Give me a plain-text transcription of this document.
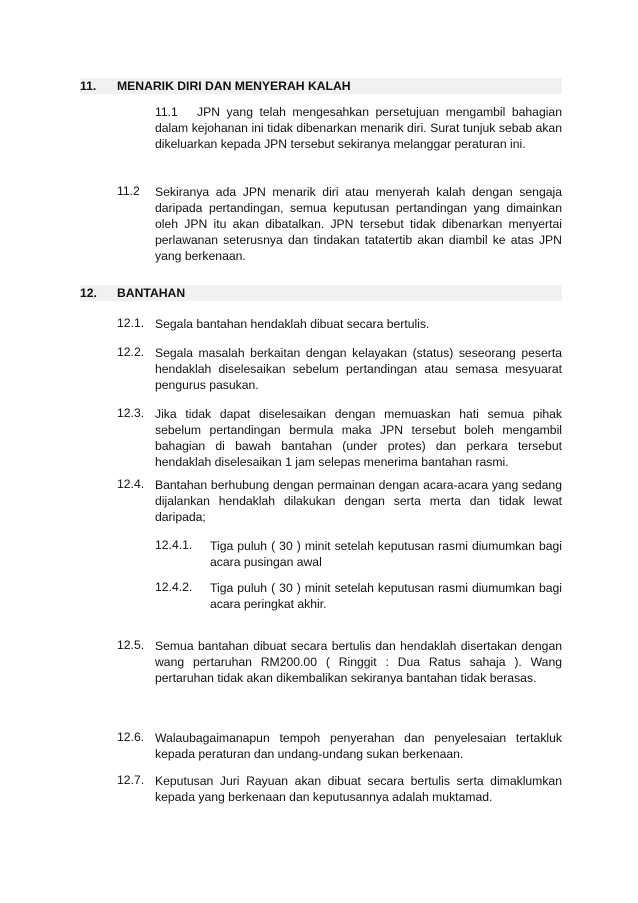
11. MENARIK DIRI DAN MENYERAH KALAH
11.1 JPN yang telah mengesahkan persetujuan mengambil bahagian dalam kejohanan ini tidak dibenarkan menarik diri. Surat tunjuk sebab akan dikeluarkan kepada JPN tersebut sekiranya melanggar peraturan ini.
11.2 Sekiranya ada JPN menarik diri atau menyerah kalah dengan sengaja daripada pertandingan, semua keputusan pertandingan yang dimainkan oleh JPN itu akan dibatalkan. JPN tersebut tidak dibenarkan menyertai perlawanan seterusnya dan tindakan tatatertib akan diambil ke atas JPN yang berkenaan.
12. BANTAHAN
12.1. Segala bantahan hendaklah dibuat secara bertulis.
12.2. Segala masalah berkaitan dengan kelayakan (status) seseorang peserta hendaklah diselesaikan sebelum pertandingan atau semasa mesyuarat pengurus pasukan.
12.3. Jika tidak dapat diselesaikan dengan memuaskan hati semua pihak sebelum pertandingan bermula maka JPN tersebut boleh mengambil bahagian di bawah bantahan (under protes) dan perkara tersebut hendaklah diselesaikan 1 jam selepas menerima bantahan rasmi.
12.4. Bantahan berhubung dengan permainan dengan acara-acara yang sedang dijalankan hendaklah dilakukan dengan serta merta dan tidak lewat daripada;
12.4.1. Tiga puluh ( 30 ) minit setelah keputusan rasmi diumumkan bagi acara pusingan awal
12.4.2. Tiga puluh ( 30 ) minit setelah keputusan rasmi diumumkan bagi acara peringkat akhir.
12.5. Semua bantahan dibuat secara bertulis dan hendaklah disertakan dengan wang pertaruhan RM200.00 ( Ringgit : Dua Ratus sahaja ). Wang pertaruhan tidak akan dikembalikan sekiranya bantahan tidak berasas.
12.6. Walaubagaimanapun tempoh penyerahan dan penyelesaian tertakluk kepada peraturan dan undang-undang sukan berkenaan.
12.7. Keputusan Juri Rayuan akan dibuat secara bertulis serta dimaklumkan kepada yang berkenaan dan keputusannya adalah muktamad.
